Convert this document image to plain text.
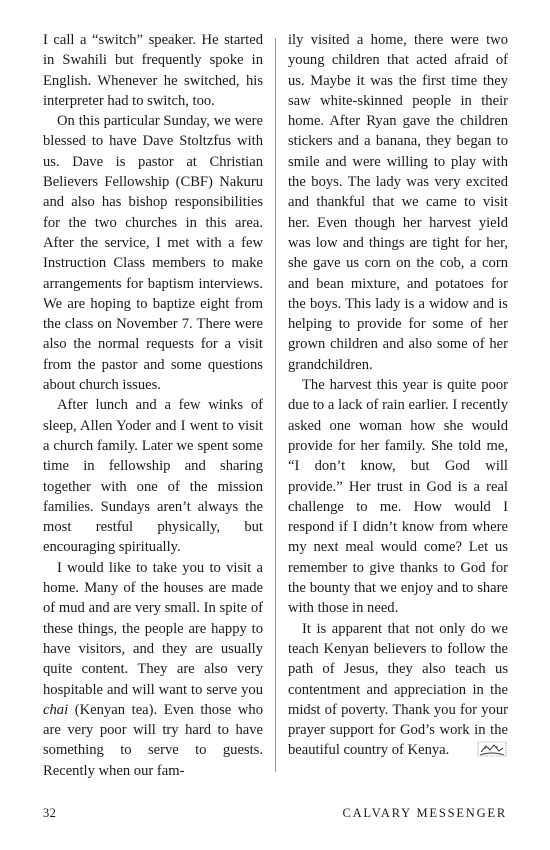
I call a “switch” speaker. He started in Swahili but frequently spoke in English. Whenever he switched, his interpreter had to switch, too.

On this particular Sunday, we were blessed to have Dave Stoltzfus with us. Dave is pastor at Christian Believers Fellowship (CBF) Nakuru and also has bishop responsibilities for the two churches in this area. After the service, I met with a few Instruction Class members to make arrangements for baptism interviews. We are hoping to baptize eight from the class on November 7. There were also the normal requests for a visit from the pastor and some questions about church issues.

After lunch and a few winks of sleep, Allen Yoder and I went to visit a church family. Later we spent some time in fellowship and sharing together with one of the mission families. Sundays aren’t always the most restful physically, but encouraging spiritually.

I would like to take you to visit a home. Many of the houses are made of mud and are very small. In spite of these things, the people are happy to have visitors, and they are usually quite content. They are also very hospitable and will want to serve you chai (Kenyan tea). Even those who are very poor will try hard to have something to serve to guests. Recently when our fam-

ily visited a home, there were two young children that acted afraid of us. Maybe it was the first time they saw white-skinned people in their home. After Ryan gave the children stickers and a banana, they began to smile and were willing to play with the boys. The lady was very excited and thankful that we came to visit her. Even though her harvest yield was low and things are tight for her, she gave us corn on the cob, a corn and bean mixture, and potatoes for the boys. This lady is a widow and is helping to provide for some of her grown children and also some of her grandchildren.

The harvest this year is quite poor due to a lack of rain earlier. I recently asked one woman how she would provide for her family. She told me, “I don’t know, but God will provide.” Her trust in God is a real challenge to me. How would I respond if I didn’t know from where my next meal would come? Let us remember to give thanks to God for the bounty that we enjoy and to share with those in need.

It is apparent that not only do we teach Kenyan believers to follow the path of Jesus, they also teach us contentment and appreciation in the midst of poverty. Thank you for your prayer support for God’s work in the beautiful country of Kenya.

32	CALVARY MESSENGER
